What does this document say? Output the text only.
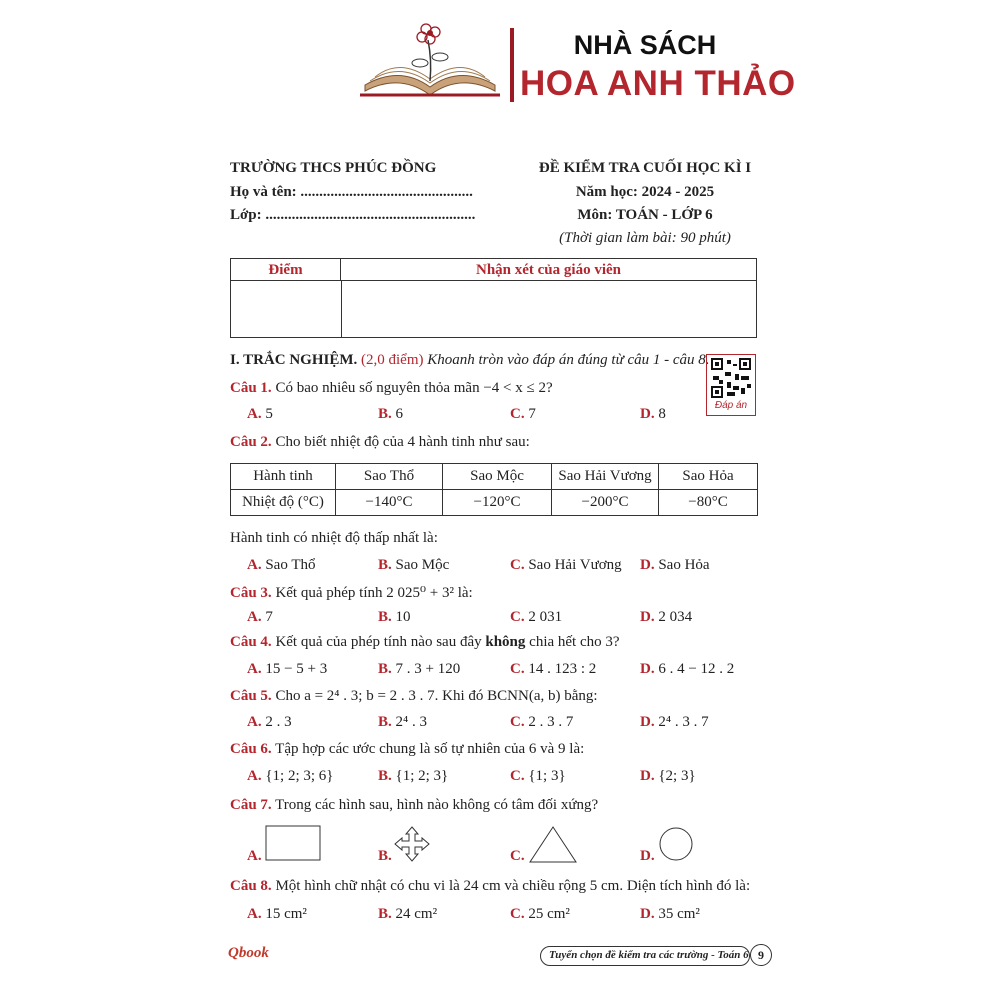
NHÀ SÁCH
HOA ANH THẢO
TRƯỜNG THCS PHÚC ĐỒNG
Họ và tên: ..............................................
Lớp: ........................................................
ĐỀ KIỂM TRA CUỐI HỌC KÌ I
Năm học: 2024 - 2025
Môn: TOÁN - LỚP 6
(Thời gian làm bài: 90 phút)
Điểm	Nhận xét của giáo viên
I. TRẮC NGHIỆM. (2,0 điểm) Khoanh tròn vào đáp án đúng từ câu 1 - câu 8.
Đáp án
Câu 1. Có bao nhiêu số nguyên thỏa mãn −4 < x ≤ 2?
A. 5	B. 6	C. 7	D. 8
Câu 2. Cho biết nhiệt độ của 4 hành tinh như sau:
Hành tinh	Sao Thổ	Sao Mộc	Sao Hải Vương	Sao Hỏa
Nhiệt độ (°C)	−140°C	−120°C	−200°C	−80°C
Hành tinh có nhiệt độ thấp nhất là:
A. Sao Thổ	B. Sao Mộc	C. Sao Hải Vương D. Sao Hỏa
Câu 3. Kết quả phép tính 2 025⁰ + 3² là:
A. 7	B. 10	C. 2 031	D. 2 034
Câu 4. Kết quả của phép tính nào sau đây không chia hết cho 3?
A. 15 − 5 + 3	B. 7 . 3 + 120	C. 14 . 123 : 2	D. 6 . 4 − 12 . 2
Câu 5. Cho a = 2⁴ . 3; b = 2 . 3 . 7. Khi đó BCNN(a, b) bằng:
A. 2 . 3	B. 2⁴ . 3	C. 2 . 3 . 7	D. 2⁴ . 3 . 7
Câu 6. Tập hợp các ước chung là số tự nhiên của 6 và 9 là:
A. {1; 2; 3; 6}	B. {1; 2; 3}	C. {1; 3}	D. {2; 3}
Câu 7. Trong các hình sau, hình nào không có tâm đối xứng?
A.	B.	C.	D.
Câu 8. Một hình chữ nhật có chu vi là 24 cm và chiều rộng 5 cm. Diện tích hình đó là:
A. 15 cm²	B. 24 cm²	C. 25 cm²	D. 35 cm²
Qbook	Tuyển chọn đề kiểm tra các trường - Toán 6 9
